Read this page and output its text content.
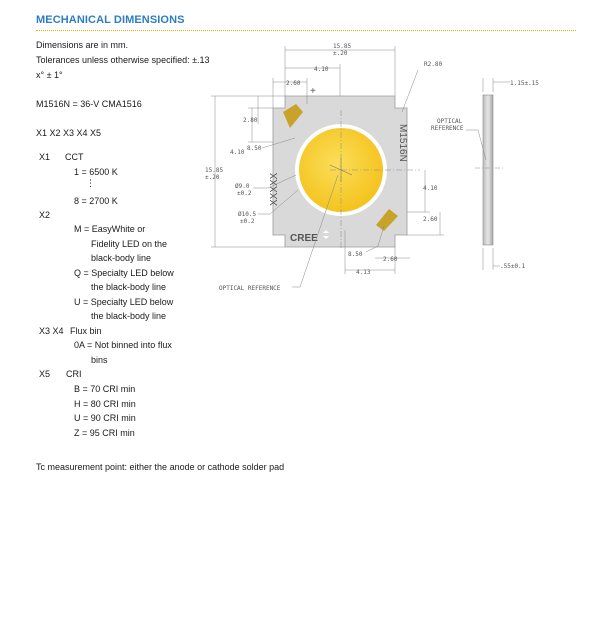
MECHANICAL DIMENSIONS
Dimensions are in mm.
Tolerances unless otherwise specified: ±.13
x° ± 1°
M1516N = 36-V CMA1516
X1 X2 X3 X4 X5
X1 CCT
1 = 6500 K
⋮
8 = 2700 K
X2
M = EasyWhite or
Fidelity LED on the
black-body line
Q = Specialty LED below
the black-body line
U = Specialty LED below
the black-body line
X3 X4 Flux bin
0A = Not binned into flux
bins
X5 CRI
B = 70 CRI min
H = 80 CRI min
U = 90 CRI min
Z = 95 CRI min
Tc measurement point: either the anode or cathode solder pad
+
M1516N
XXXXX
CREE
15.85
±.20
4.10
2.60
2.80
8.50
4.10
15.85
±.20
Ø9.0
±0.2
Ø10.5
±0.2
R2.80
1.15±.15
4.10
2.60
8.50
2.60
4.13
.55±0.1
OPTICAL REFERENCE
OPTICAL
REFERENCE
